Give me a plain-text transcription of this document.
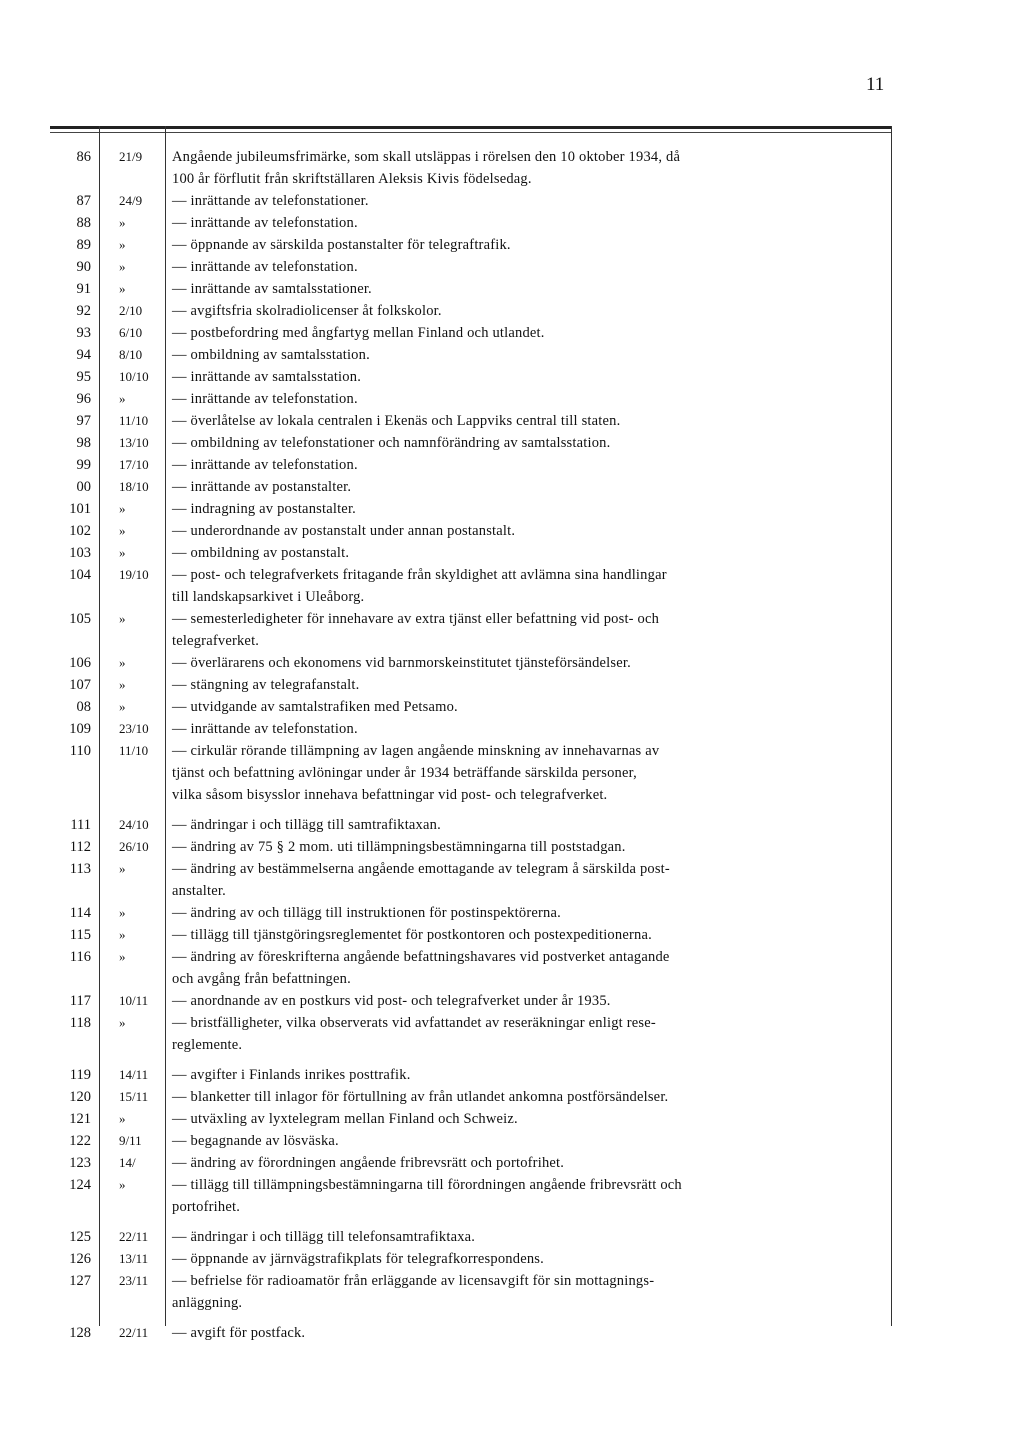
11
86	21/9	Angående jubileumsfrimärke, som skall utsläppas i rörelsen den 10 oktober 1934, då
100 år förflutit från skriftställaren Aleksis Kivis födelsedag.
87	24/9	— inrättande av telefonstationer.
88	»	— inrättande av telefonstation.
89	»	— öppnande av särskilda postanstalter för telegraftrafik.
90	»	— inrättande av telefonstation.
91	»	— inrättande av samtalsstationer.
92	2/10	— avgiftsfria skolradiolicenser åt folkskolor.
93	6/10	— postbefordring med ångfartyg mellan Finland och utlandet.
94	8/10	— ombildning av samtalsstation.
95	10/10	— inrättande av samtalsstation.
96	»	— inrättande av telefonstation.
97	11/10	— överlåtelse av lokala centralen i Ekenäs och Lappviks central till staten.
98	13/10	— ombildning av telefonstationer och namnförändring av samtalsstation.
99	17/10	— inrättande av telefonstation.
00	18/10	— inrättande av postanstalter.
101	»	— indragning av postanstalter.
102	»	— underordnande av postanstalt under annan postanstalt.
103	»	— ombildning av postanstalt.
104	19/10	— post- och telegrafverkets fritagande från skyldighet att avlämna sina handlingar
till landskapsarkivet i Uleåborg.
105	»	— semesterledigheter för innehavare av extra tjänst eller befattning vid post- och
telegrafverket.
106	»	— överlärarens och ekonomens vid barnmorskeinstitutet tjänsteförsändelser.
107	»	— stängning av telegrafanstalt.
08	»	— utvidgande av samtalstrafiken med Petsamo.
109	23/10	— inrättande av telefonstation.
110	11/10	— cirkulär rörande tillämpning av lagen angående minskning av innehavarnas av
tjänst och befattning avlöningar under år 1934 beträffande särskilda personer,
vilka såsom bisysslor innehava befattningar vid post- och telegrafverket.
111	24/10	— ändringar i och tillägg till samtrafiktaxan.
112	26/10	— ändring av 75 § 2 mom. uti tillämpningsbestämningarna till poststadgan.
113	»	— ändring av bestämmelserna angående emottagande av telegram å särskilda post-
anstalter.
114	»	— ändring av och tillägg till instruktionen för postinspektörerna.
115	»	— tillägg till tjänstgöringsreglementet för postkontoren och postexpeditionerna.
116	»	— ändring av föreskrifterna angående befattningshavares vid postverket antagande
och avgång från befattningen.
117	10/11	— anordnande av en postkurs vid post- och telegrafverket under år 1935.
118	»	— bristfälligheter, vilka observerats vid avfattandet av reseräkningar enligt rese-
reglemente.
119	14/11	— avgifter i Finlands inrikes posttrafik.
120	15/11	— blanketter till inlagor för förtullning av från utlandet ankomna postförsändelser.
121	»	— utväxling av lyxtelegram mellan Finland och Schweiz.
122	9/11	— begagnande av lösväska.
123	14/	— ändring av förordningen angående fribrevsrätt och portofrihet.
124	»	— tillägg till tillämpningsbestämningarna till förordningen angående fribrevsrätt och
portofrihet.
125	22/11	— ändringar i och tillägg till telefonsamtrafiktaxa.
126	13/11	— öppnande av järnvägstrafikplats för telegrafkorrespondens.
127	23/11	— befrielse för radioamatör från erläggande av licensavgift för sin mottagnings-
anläggning.
128	22/11	— avgift för postfack.
